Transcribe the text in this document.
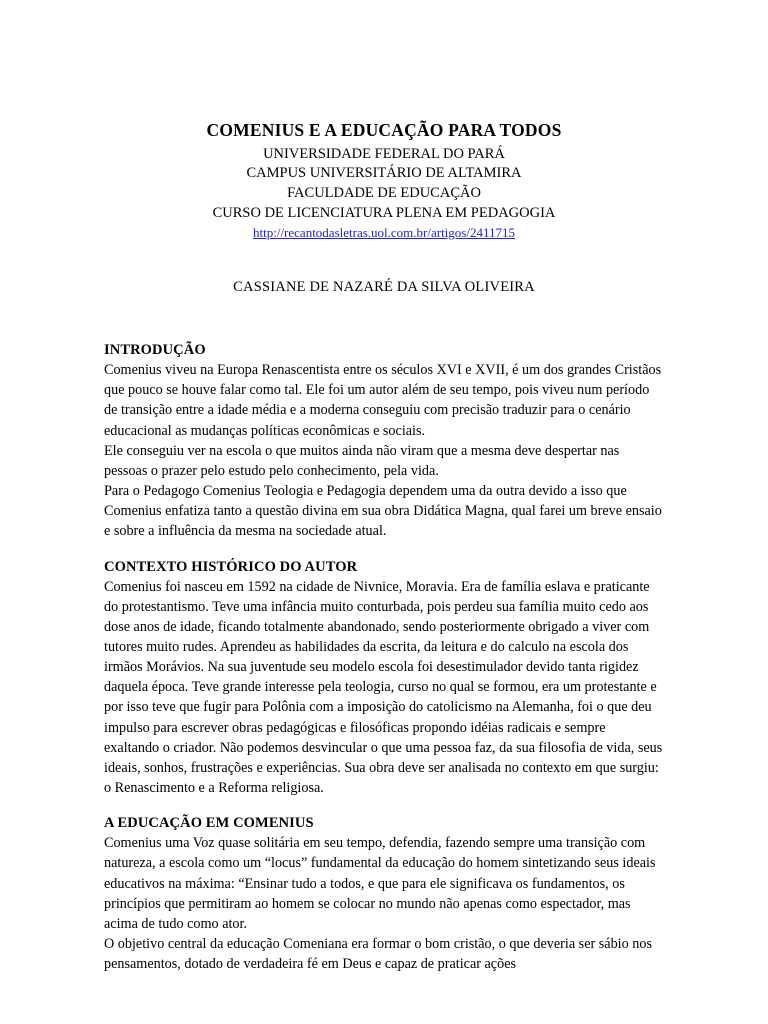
COMENIUS E A EDUCAÇÃO PARA TODOS

UNIVERSIDADE FEDERAL DO PARÁ

CAMPUS UNIVERSITÁRIO DE ALTAMIRA

FACULDADE DE EDUCAÇÃO

CURSO DE LICENCIATURA PLENA EM PEDAGOGIA

http://recantodasletras.uol.com.br/artigos/2411715
CASSIANE DE NAZARÉ DA SILVA OLIVEIRA
INTRODUÇÃO

Comenius viveu na Europa Renascentista entre os séculos XVI e XVII, é um dos grandes Cristãos que pouco se houve falar como tal. Ele foi um autor além de seu tempo, pois viveu num período de transição entre a idade média e a moderna conseguiu com precisão traduzir para o cenário educacional as mudanças políticas econômicas e sociais.

Ele conseguiu ver na escola o que muitos ainda não viram que a mesma deve despertar nas pessoas o prazer pelo estudo pelo conhecimento, pela vida.

Para o Pedagogo Comenius Teologia e Pedagogia dependem uma da outra devido a isso que Comenius enfatiza tanto a questão divina em sua obra Didática Magna, qual farei um breve ensaio e sobre a influência da mesma na sociedade atual.

CONTEXTO HISTÓRICO DO AUTOR

Comenius foi nasceu em 1592 na cidade de Nivnice, Moravia. Era de família eslava e praticante do protestantismo. Teve uma infância muito conturbada, pois perdeu sua família muito cedo aos dose anos de idade, ficando totalmente abandonado, sendo posteriormente obrigado a viver com tutores muito rudes. Aprendeu as habilidades da escrita, da leitura e do calculo na escola dos irmãos Morávios. Na sua juventude seu modelo escola foi desestimulador devido tanta rigidez daquela época. Teve grande interesse pela teologia, curso no qual se formou, era um protestante e por isso teve que fugir para Polônia com a imposição do catolicismo na Alemanha, foi o que deu impulso para escrever obras pedagógicas e filosóficas propondo idéias radicais e sempre exaltando o criador. Não podemos desvincular o que uma pessoa faz, da sua filosofia de vida, seus ideais, sonhos, frustrações e experiências. Sua obra deve ser analisada no contexto em que surgiu: o Renascimento e a Reforma religiosa.

A EDUCAÇÃO EM COMENIUS

Comenius uma Voz quase solitária em seu tempo, defendia, fazendo sempre uma transição com natureza, a escola como um “locus” fundamental da educação do homem sintetizando seus ideais educativos na máxima: “Ensinar tudo a todos, e que para ele significava os fundamentos, os princípios que permitiram ao homem se colocar no mundo não apenas como espectador, mas acima de tudo como ator.

O objetivo central da educação Comeniana era formar o bom cristão, o que deveria ser sábio nos pensamentos, dotado de verdadeira fé em Deus e capaz de praticar ações
